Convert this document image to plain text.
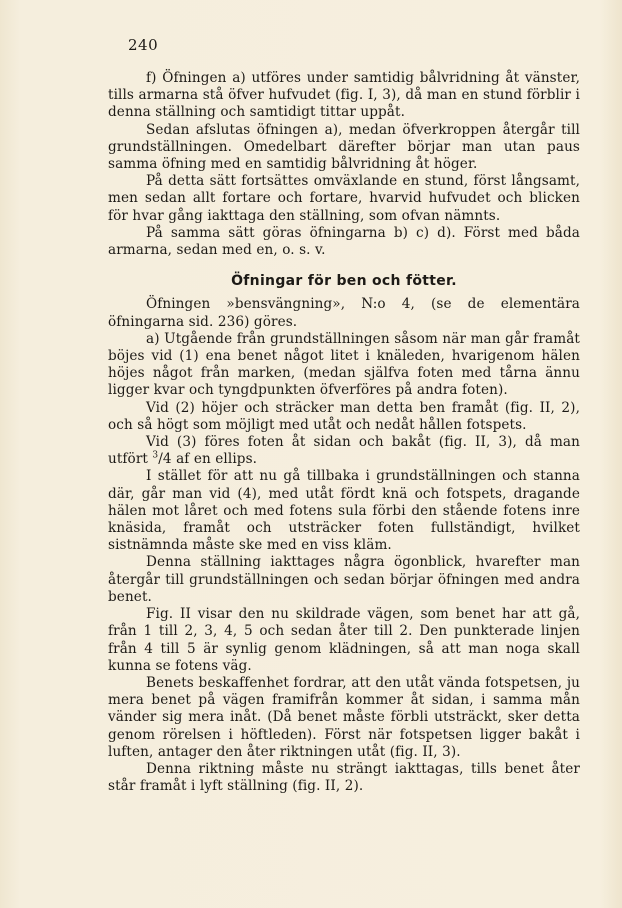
240

f) Öfningen a) utföres under samtidig bålvridning åt vänster, tills armarna stå öfver hufvudet (fig. I, 3), då man en stund förblir i denna ställning och samtidigt tittar uppåt.

Sedan afslutas öfningen a), medan öfverkroppen återgår till grundställningen. Omedelbart därefter börjar man utan paus samma öfning med en samtidig bålvridning åt höger.

På detta sätt fortsättes omväxlande en stund, först långsamt, men sedan allt fortare och fortare, hvarvid hufvudet och blicken för hvar gång iakttaga den ställning, som ofvan nämnts.

På samma sätt göras öfningarna b) c) d). Först med båda armarna, sedan med en, o. s. v.

Öfningar för ben och fötter.

Öfningen »bensvängning», N:o 4, (se de elementära öfningarna sid. 236) göres.

a) Utgående från grundställningen såsom när man går framåt böjes vid (1) ena benet något litet i knäleden, hvarigenom hälen höjes något från marken, (medan själfva foten med tårna ännu ligger kvar och tyngdpunkten öfverföres på andra foten).

Vid (2) höjer och sträcker man detta ben framåt (fig. II, 2), och så högt som möjligt med utåt och nedåt hållen fotspets.

Vid (3) föres foten åt sidan och bakåt (fig. II, 3), då man utfört $^3$/4 af en ellips.

I stället för att nu gå tillbaka i grundställningen och stanna där, går man vid (4), med utåt fördt knä och fotspets, dragande hälen mot låret och med fotens sula förbi den stående fotens inre knäsida, framåt och utsträcker foten fullständigt, hvilket sistnämnda måste ske med en viss kläm.

Denna ställning iakttages några ögonblick, hvarefter man återgår till grundställningen och sedan börjar öfningen med andra benet.

Fig. II visar den nu skildrade vägen, som benet har att gå, från 1 till 2, 3, 4, 5 och sedan åter till 2. Den punkterade linjen från 4 till 5 är synlig genom klädningen, så att man noga skall kunna se fotens väg.

Benets beskaffenhet fordrar, att den utåt vända fotspetsen, ju mera benet på vägen framifrån kommer åt sidan, i samma mån vänder sig mera inåt. (Då benet måste förbli utsträckt, sker detta genom rörelsen i höftleden). Först när fotspetsen ligger bakåt i luften, antager den åter riktningen utåt (fig. II, 3).

Denna riktning måste nu strängt iakttagas, tills benet åter står framåt i lyft ställning (fig. II, 2).
